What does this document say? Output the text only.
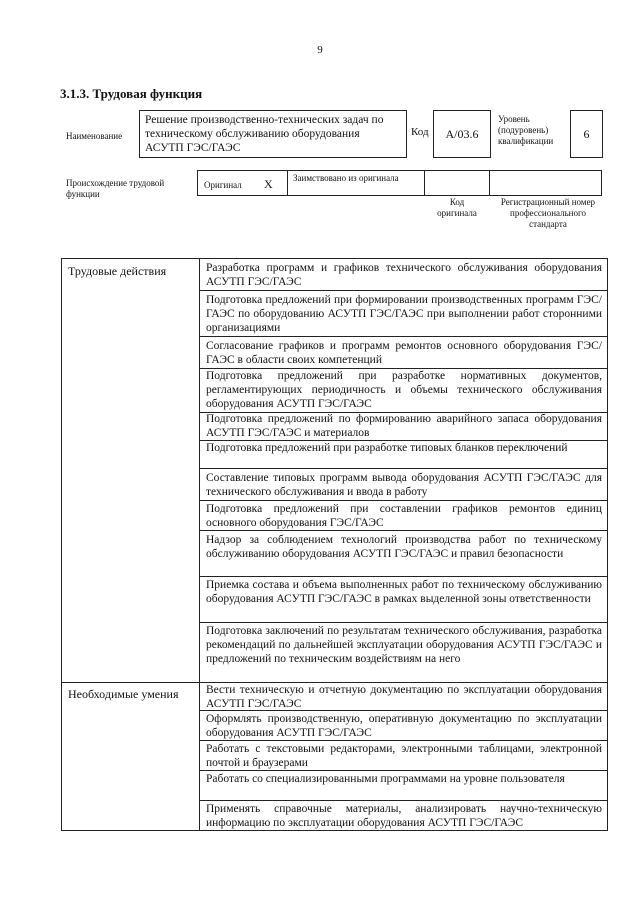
9
3.1.3. Трудовая функция
Наименование
Решение производственно-технических задач по техническому обслуживанию оборудования АСУТП ГЭС/ГАЭС
Код	A/03.6
Уровень (подуровень) квалификации	6
Происхождение трудовой функции
Оригинал X Заимствовано из оригинала
Код оригинала
Регистрационный номер профессионального стандарта
Трудовые действия
Необходимые умения
Разработка программ и графиков технического обслуживания оборудования АСУТП ГЭС/ГАЭС
Подготовка предложений при формировании производственных программ ГЭС/ГАЭС по оборудованию АСУТП ГЭС/ГАЭС при выполнении работ сторонними организациями
Согласование графиков и программ ремонтов основного оборудования ГЭС/ГАЭС в области своих компетенций
Подготовка предложений при разработке нормативных документов, регламентирующих периодичность и объемы технического обслуживания оборудования АСУТП ГЭС/ГАЭС
Подготовка предложений по формированию аварийного запаса оборудования АСУТП ГЭС/ГАЭС и материалов
Подготовка предложений при разработке типовых бланков переключений
Составление типовых программ вывода оборудования АСУТП ГЭС/ГАЭС для технического обслуживания и ввода в работу
Подготовка предложений при составлении графиков ремонтов единиц основного оборудования ГЭС/ГАЭС
Надзор за соблюдением технологий производства работ по техническому обслуживанию оборудования АСУТП ГЭС/ГАЭС и правил безопасности
Приемка состава и объема выполненных работ по техническому обслуживанию оборудования АСУТП ГЭС/ГАЭС в рамках выделенной зоны ответственности
Подготовка заключений по результатам технического обслуживания, разработка рекомендаций по дальнейшей эксплуатации оборудования АСУТП ГЭС/ГАЭС и предложений по техническим воздействиям на него
Вести техническую и отчетную документацию по эксплуатации оборудования АСУТП ГЭС/ГАЭС
Оформлять производственную, оперативную документацию по эксплуатации оборудования АСУТП ГЭС/ГАЭС
Работать с текстовыми редакторами, электронными таблицами, электронной почтой и браузерами
Работать со специализированными программами на уровне пользователя
Применять справочные материалы, анализировать научно-техническую информацию по эксплуатации оборудования АСУТП ГЭС/ГАЭС
